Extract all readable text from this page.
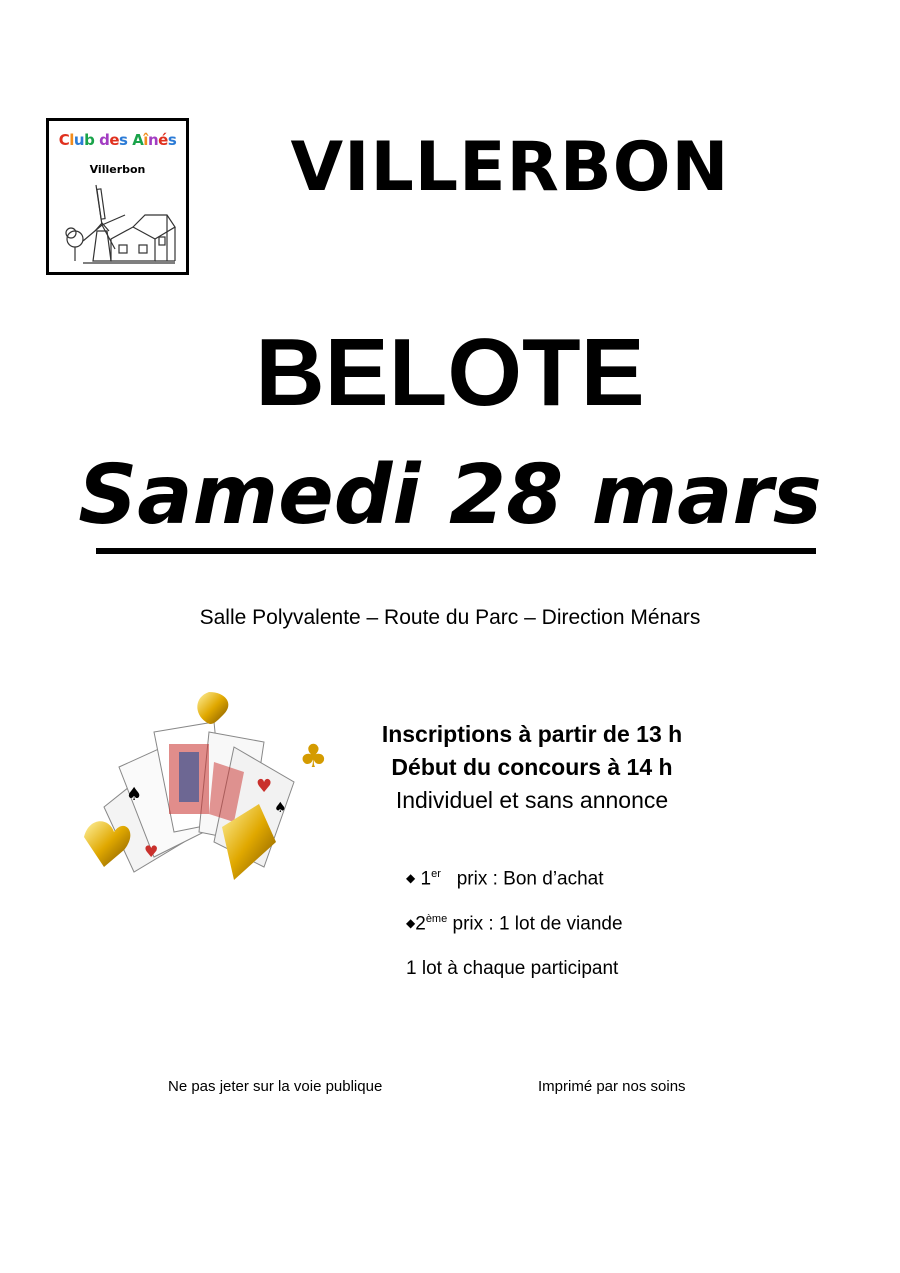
Club des Aînés
Villerbon	VILLERBON
BELOTE
Samedi 28 mars
Salle Polyvalente – Route du Parc – Direction Ménars
♠
♥
♥
♠
♣
Inscriptions à partir de 13 h
Début du concours à 14 h
Individuel et sans annonce
◆ 1er prix : Bon d’achat
◆2ème prix : 1 lot de viande
1 lot à chaque participant
Ne pas jeter sur la voie publique	Imprimé par nos soins
